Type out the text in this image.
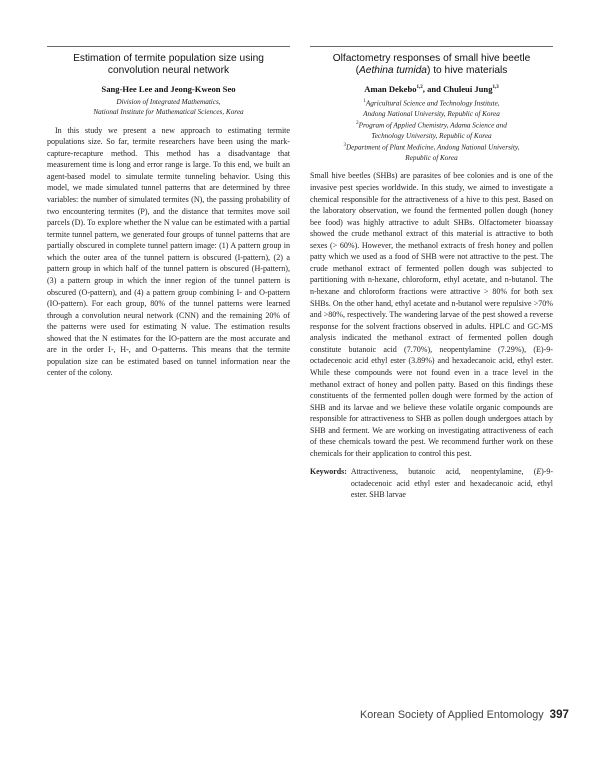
Estimation of termite population size using convolution neural network
Sang-Hee Lee and Jeong-Kweon Seo
Division of Integrated Mathematics,
National Institute for Mathematical Sciences, Korea
In this study we present a new approach to estimating termite populations size. So far, termite researchers have been using the mark-capture-recapture method. This method has a disadvantage that measurement time is long and error range is large. To this end, we built an agent-based model to simulate termite tunneling behavior. Using this model, we made simulated tunnel patterns that are determined by three variables: the number of simulated termites (N), the passing probability of two encountering termites (P), and the distance that termites move soil parcels (D). To explore whether the N value can be estimated with a partial termite tunnel pattern, we generated four groups of tunnel patterns that are partially obscured in complete tunnel pattern image: (1) A pattern group in which the outer area of the tunnel pattern is obscured (I-pattern), (2) a pattern group in which half of the tunnel pattern is obscured (H-pattern), (3) a pattern group in which the inner region of the tunnel pattern is obscured (O-pattern), and (4) a pattern group combining I- and O-pattern (IO-pattern). For each group, 80% of the tunnel patterns were learned through a convolution neural network (CNN) and the remaining 20% of the patterns were used for estimating N value. The estimation results showed that the N estimates for the IO-pattern are the most accurate and are in the order I-, H-, and O-patterns. This means that the termite population size can be estimated based on tunnel information near the center of the colony.
Olfactometry responses of small hive beetle
(Aethina tumida) to hive materials
Aman Dekebo$^{1,2}$, and Chuleui Jung$^{1,3}$
$^1$Agricultural Science and Technology Institute,
Andong National University, Republic of Korea
$^2$Program of Applied Chemistry, Adama Science and
Technology University, Republic of Korea
$^3$Department of Plant Medicine, Andong National University,
Republic of Korea
Small hive beetles (SHBs) are parasites of bee colonies and is one of the invasive pest species worldwide. In this study, we aimed to investigate a chemical responsible for the attractiveness of a hive to this pest. Based on the laboratory observation, we found the fermented pollen dough (honey bee food) was highly attractive to adult SHBs. Olfactometer bioassay showed the crude methanol extract of this material is attractive to both sexes (> 60%). However, the methanol extracts of fresh honey and pollen patty which we used as a food of SHB were not attractive to the pest. The crude methanol extract of fermented pollen dough was subjected to partitioning with n-hexane, chloroform, ethyl acetate, and n-butanol. The n-hexane and chloroform fractions were attractive > 80% for both sex SHBs. On the other hand, ethyl acetate and n-butanol were repulsive >70% and >80%, respectively. The wandering larvae of the pest showed a reverse response for the solvent fractions observed in adults. HPLC and GC-MS analysis indicated the methanol extract of fermented pollen dough constitute butanoic acid (7.70%), neopentylamine (7.29%), (E)-9-octadecenoic acid ethyl ester (3.89%) and hexadecanoic acid, ethyl ester. While these compounds were not found even in a trace level in the methanol extract of honey and pollen patty. Based on this findings these constituents of the fermented pollen dough were formed by the action of SHB and its larvae and we believe these volatile organic compounds are responsible for attractiveness to SHB as pollen dough undergoes attach by SHB and ferment. We are working on investigating attractiveness of each of these chemicals toward the pest. We recommend further work on these chemicals for their application to control this pest.
Keywords: Attractiveness, butanoic acid, neopentylamine, (E)-9-octadecenoic acid ethyl ester and hexadecanoic acid, ethyl ester. SHB larvae
Korean Society of Applied Entomology 397
